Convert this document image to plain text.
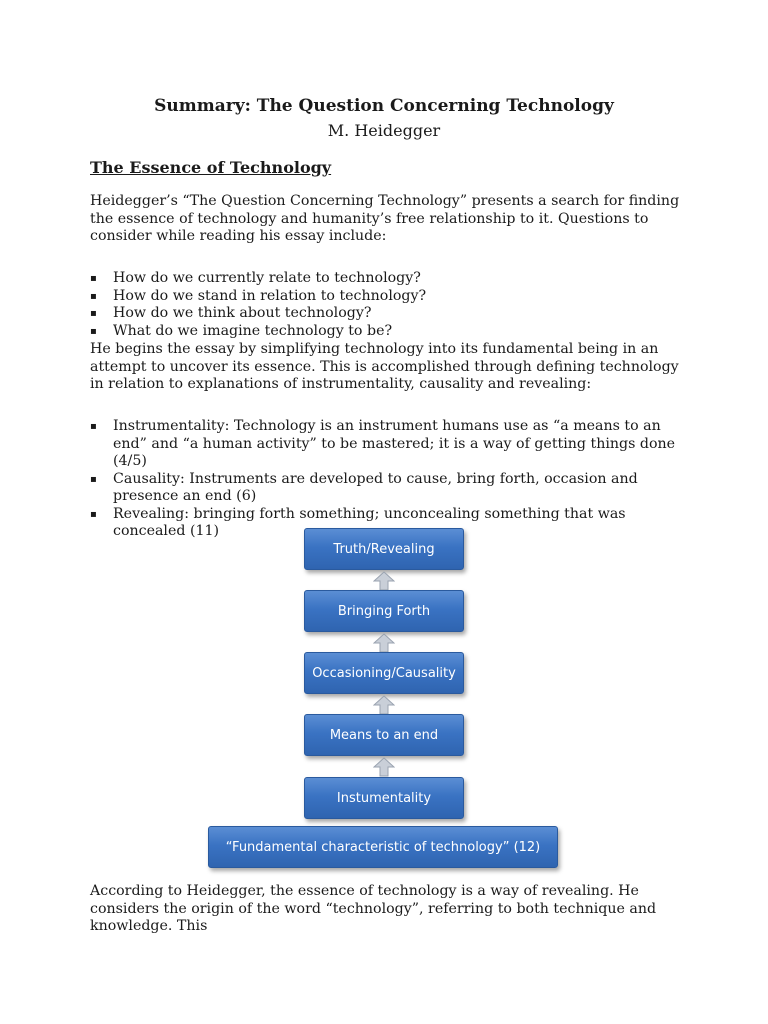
Summary: The Question Concerning Technology
M. Heidegger
The Essence of Technology

Heidegger’s “The Question Concerning Technology” presents a search for finding the essence of technology and humanity’s free relationship to it. Questions to consider while reading his essay include:

▪ How do we currently relate to technology?
▪ How do we stand in relation to technology?
▪ How do we think about technology?
▪ What do we imagine technology to be?

He begins the essay by simplifying technology into its fundamental being in an attempt to uncover its essence. This is accomplished through defining technology in relation to explanations of instrumentality, causality and revealing:

▪ Instrumentality: Technology is an instrument humans use as “a means to an end” and “a human activity” to be mastered; it is a way of getting things done (4/5)
▪ Causality: Instruments are developed to cause, bring forth, occasion and presence an end (6)
▪ Revealing: bringing forth something; unconcealing something that was concealed (11)
Truth/Revealing
Bringing Forth
Occasioning/Causality
Means to an end
Instumentality
“Fundamental characteristic of technology” (12)

According to Heidegger, the essence of technology is a way of revealing. He considers the origin of the word “technology”, referring to both technique and knowledge. This
